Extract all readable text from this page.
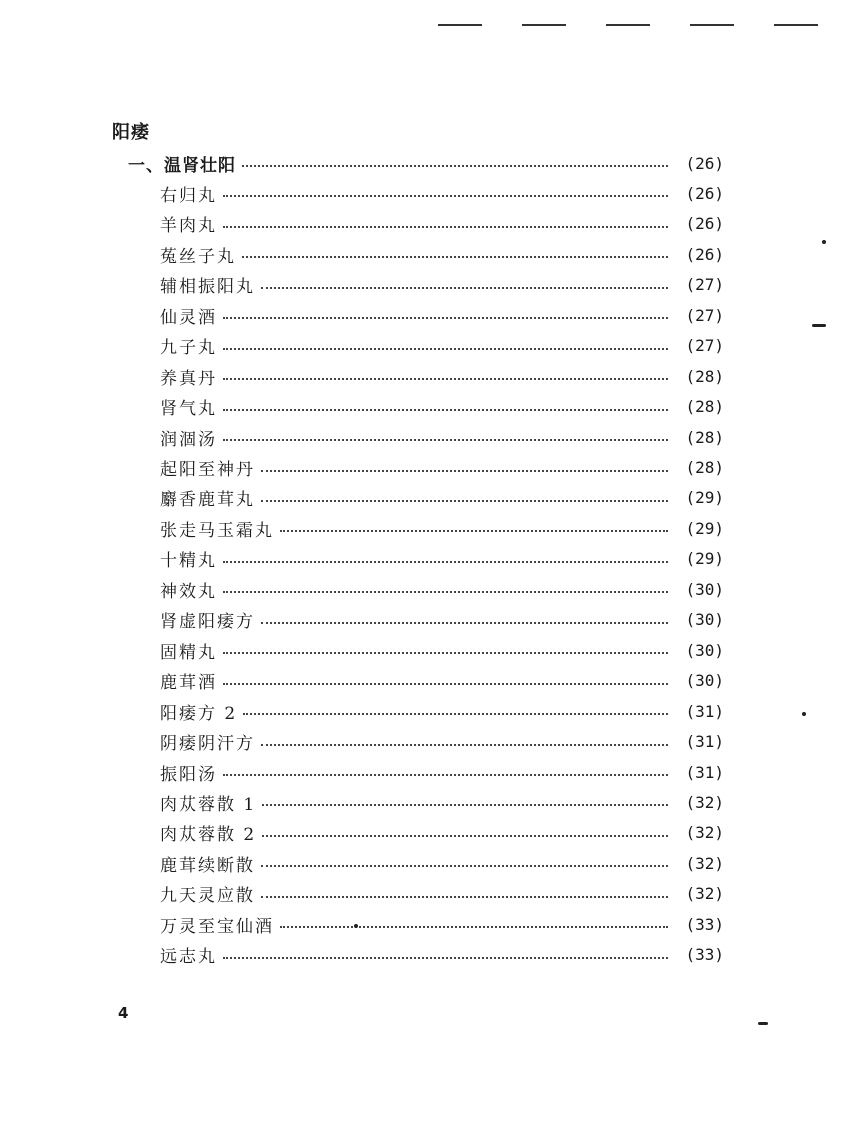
阳痿
一、温肾壮阳	(26)
右归丸	(26)
羊肉丸	(26)
菟丝子丸	(26)
辅相振阳丸	(27)
仙灵酒	(27)
九子丸	(27)
养真丹	(28)
肾气丸	(28)
润涸汤	(28)
起阳至神丹	(28)
麝香鹿茸丸	(29)
张走马玉霜丸	(29)
十精丸	(29)
神效丸	(30)
肾虚阳痿方	(30)
固精丸	(30)
鹿茸酒	(30)
阳痿方 2	(31)
阴痿阴汗方	(31)
振阳汤	(31)
肉苁蓉散 1	(32)
肉苁蓉散 2	(32)
鹿茸续断散	(32)
九天灵应散	(32)
万灵至宝仙酒	(33)
远志丸	(33)
4
